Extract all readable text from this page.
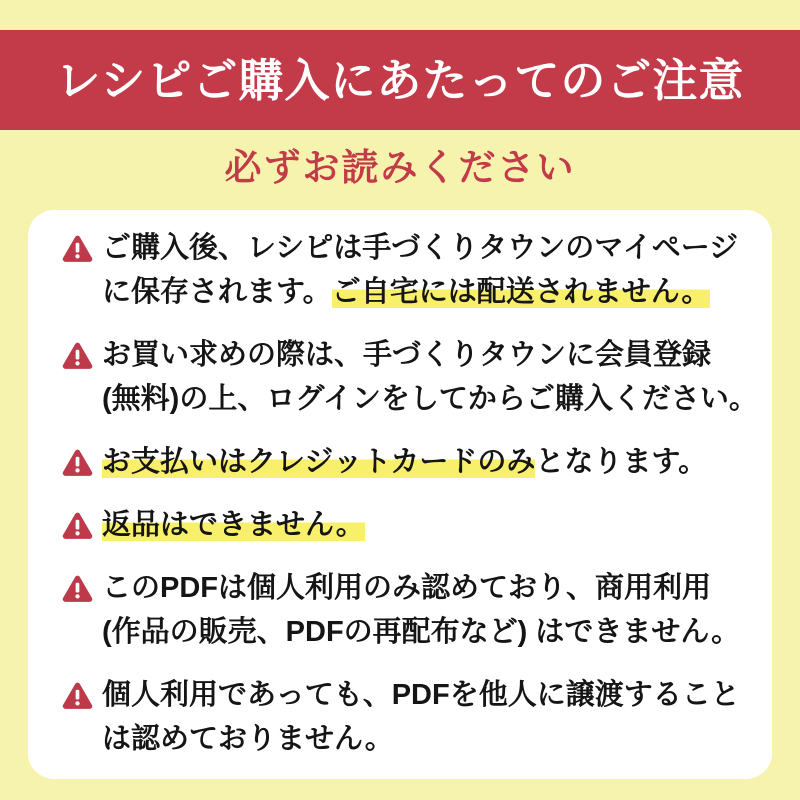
レシピご購入にあたってのご注意
必ずお読みください
ご購入後、レシピは手づくりタウンのマイページ
に保存されます。ご自宅には配送されません。
お買い求めの際は、手づくりタウンに会員登録
(無料)の上、ログインをしてからご購入ください。
お支払いはクレジットカードのみとなります。
返品はできません。
このPDFは個人利用のみ認めており、商用利用
(作品の販売、PDFの再配布など) はできません。
個人利用であっても、PDFを他人に譲渡すること
は認めておりません。
